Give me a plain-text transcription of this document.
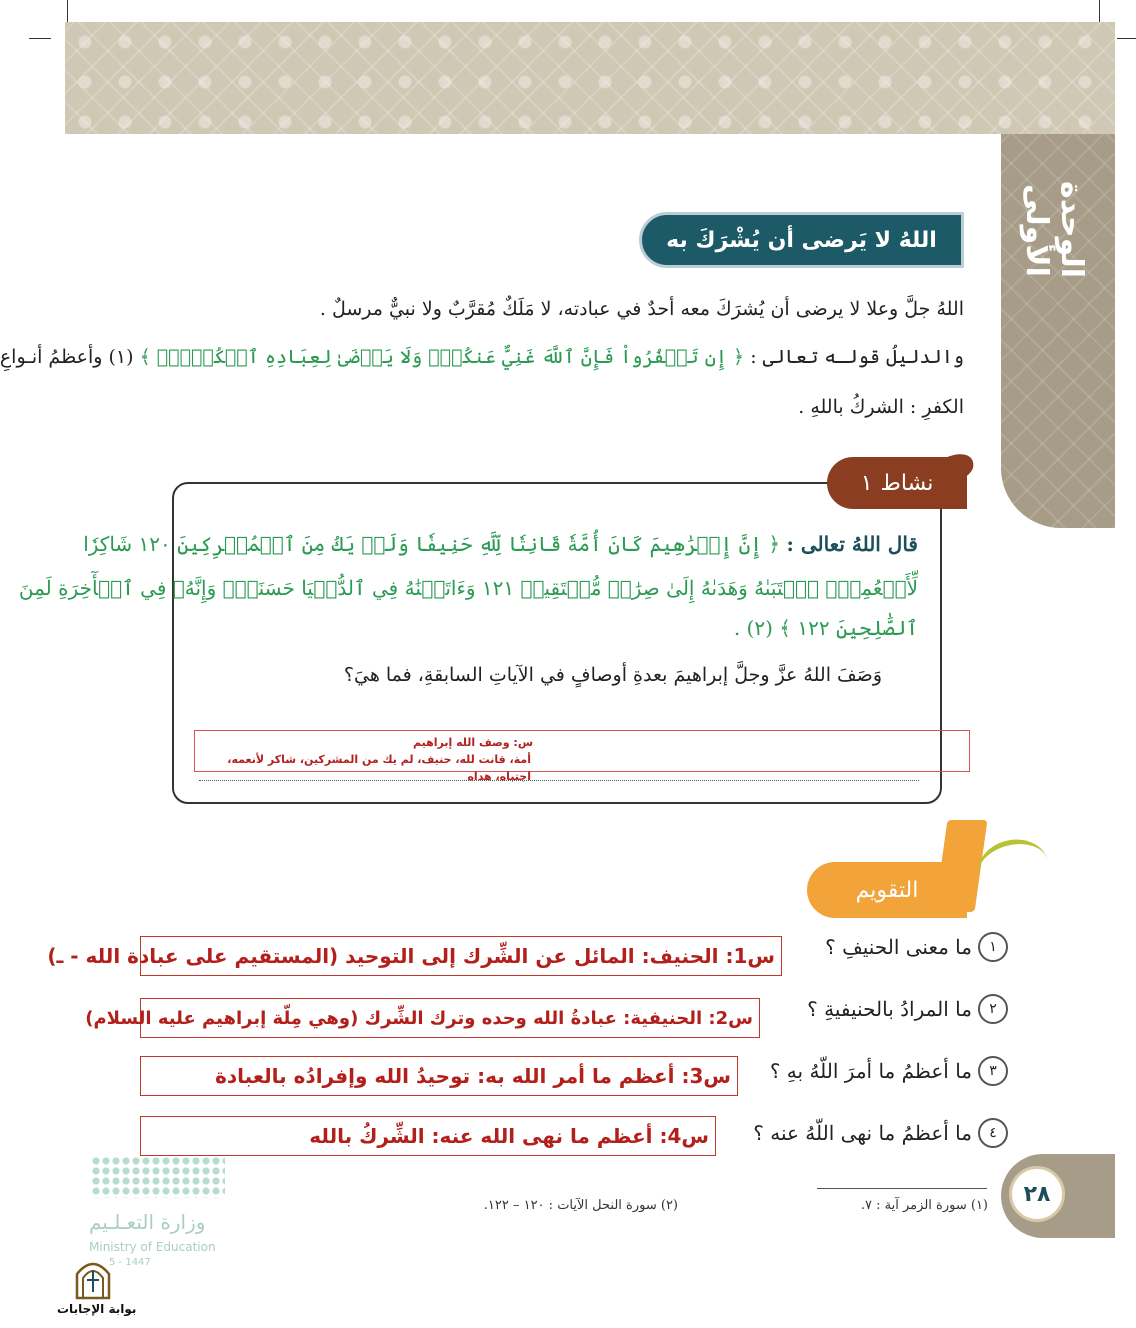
الوحدة الأولى
اللهُ لا يَرضى أن يُشْرَكَ به
اللهُ جلَّ وعلا لا يرضى أن يُشرَكَ معه أحدٌ في عبادته، لا مَلَكٌ مُقرَّبٌ ولا نبيٌّ مرسلٌ .
والدليلُ قولـه تعالى : ﴿ إِن تَكۡفُرُواْ فَإِنَّ ٱللَّهَ غَنِيٌّ عَنكُمۡۖ وَلَا يَرۡضَىٰ لِعِبَادِهِ ٱلۡكُفۡرَۖ ﴾ (١) وأعظمُ أنـواعِ
الكفرِ : الشركُ باللهِ .
نشاط
١ ?
قال اللهُ تعالى : ﴿ إِنَّ إِبۡرَٰهِيمَ كَانَ أُمَّةٗ قَانِتٗا لِّلَّهِ حَنِيفٗا وَلَمۡ يَكُ مِنَ ٱلۡمُشۡرِكِينَ ١٢٠ شَاكِرٗا
لِّأَنۡعُمِهِۚ ٱجۡتَبَىٰهُ وَهَدَىٰهُ إِلَىٰ صِرَٰطٖ مُّسۡتَقِيمٖ ١٢١ وَءَاتَيۡنَٰهُ فِي ٱلدُّنۡيَا حَسَنَةٗۖ وَإِنَّهُۥ فِي ٱلۡأٓخِرَةِ لَمِنَ
ٱلصَّٰلِحِينَ ١٢٢ ﴾ (٢) .
وَصَفَ اللهُ عزَّ وجلَّ إبراهيمَ بعدةِ أوصافٍ في الآياتِ السابقةِ، فما هيَ؟
س: وصف الله إبراهيم
أمة، قانت لله، حنيف، لم يك من المشركين، شاكر لأنعمه، اجتباه، هداه
التقويم
١
ما معنى الحنيفِ ؟
س1: الحنيف: المائل عن الشِّرك إلى التوحيد (المستقيم على عبادة الله - ـ)
٢
ما المرادُ بالحنيفيةِ ؟
س2: الحنيفية: عبادةُ الله وحده وترك الشِّرك (وهي مِلّة إبراهيم عليه السلام)
٣
ما أعظمُ ما أمرَ اللّهُ بهِ ؟
س3: أعظم ما أمر الله به: توحيدُ الله وإفرادُه بالعبادة
٤
ما أعظمُ ما نهى اللّهُ عنه ؟
س4: أعظم ما نهى الله عنه: الشِّركُ بالله
٢٨
(١) سورة الزمر آية : ٧.
(٢) سورة النحل الآيات : ١٢٠ – ١٢٢.
وزارة التعـلـيم
Ministry of Education
5 - 1447
بوابة الإجابات
